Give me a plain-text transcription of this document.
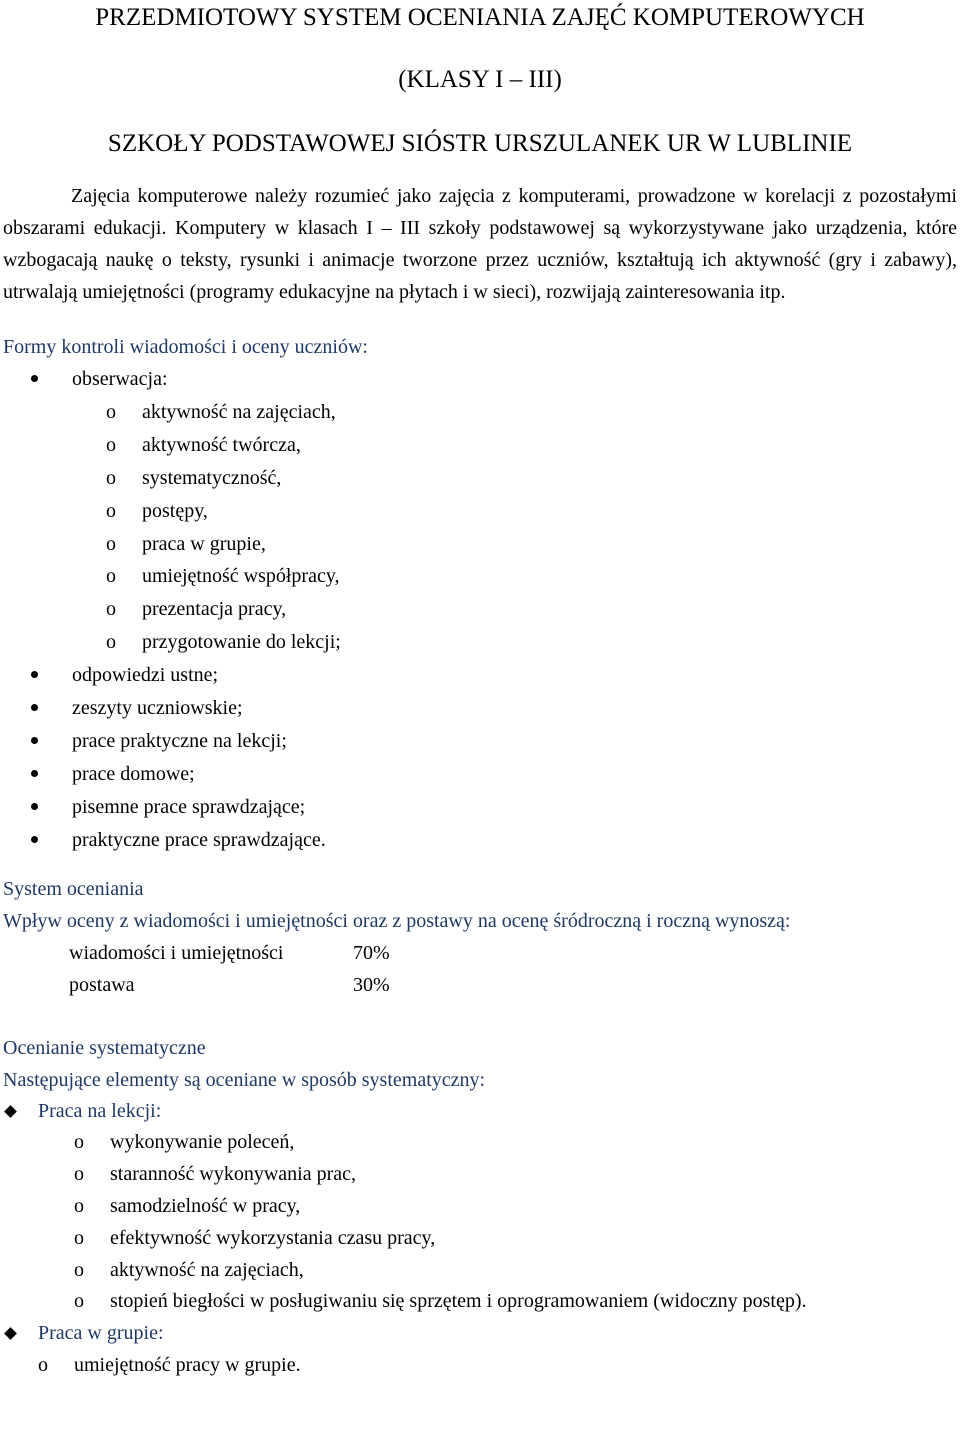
PRZEDMIOTOWY SYSTEM OCENIANIA ZAJĘĆ KOMPUTEROWYCH
(KLASY I – III)
SZKOŁY PODSTAWOWEJ SIÓSTR URSZULANEK UR W LUBLINIE

Zajęcia komputerowe należy rozumieć jako zajęcia z komputerami, prowadzone w korelacji z pozostałymi obszarami edukacji. Komputery w klasach I – III szkoły podstawowej są wykorzystywane jako urządzenia, które wzbogacają naukę o teksty, rysunki i animacje tworzone przez uczniów, kształtują ich aktywność (gry i zabawy), utrwalają umiejętności (programy edukacyjne na płytach i w sieci), rozwijają zainteresowania itp.

Formy kontroli wiadomości i oceny uczniów:

obserwacja:
o aktywność na zajęciach,
o aktywność twórcza,
o systematyczność,
o postępy,
o praca w grupie,
o umiejętność współpracy,
o prezentacja pracy,
o przygotowanie do lekcji;
odpowiedzi ustne;
zeszyty uczniowskie;
prace praktyczne na lekcji;
prace domowe;
pisemne prace sprawdzające;
praktyczne prace sprawdzające.

System oceniania

Wpływ oceny z wiadomości i umiejętności oraz z postawy na ocenę śródroczną i roczną wynoszą:

wiadomości i umiejętności	70%
postawa	30%

Ocenianie systematyczne

Następujące elementy są oceniane w sposób systematyczny:

Praca na lekcji:
o wykonywanie poleceń,
o staranność wykonywania prac,
o samodzielność w pracy,
o efektywność wykorzystania czasu pracy,
o aktywność na zajęciach,
o stopień biegłości w posługiwaniu się sprzętem i oprogramowaniem (widoczny postęp).
Praca w grupie:
o umiejętność pracy w grupie.
